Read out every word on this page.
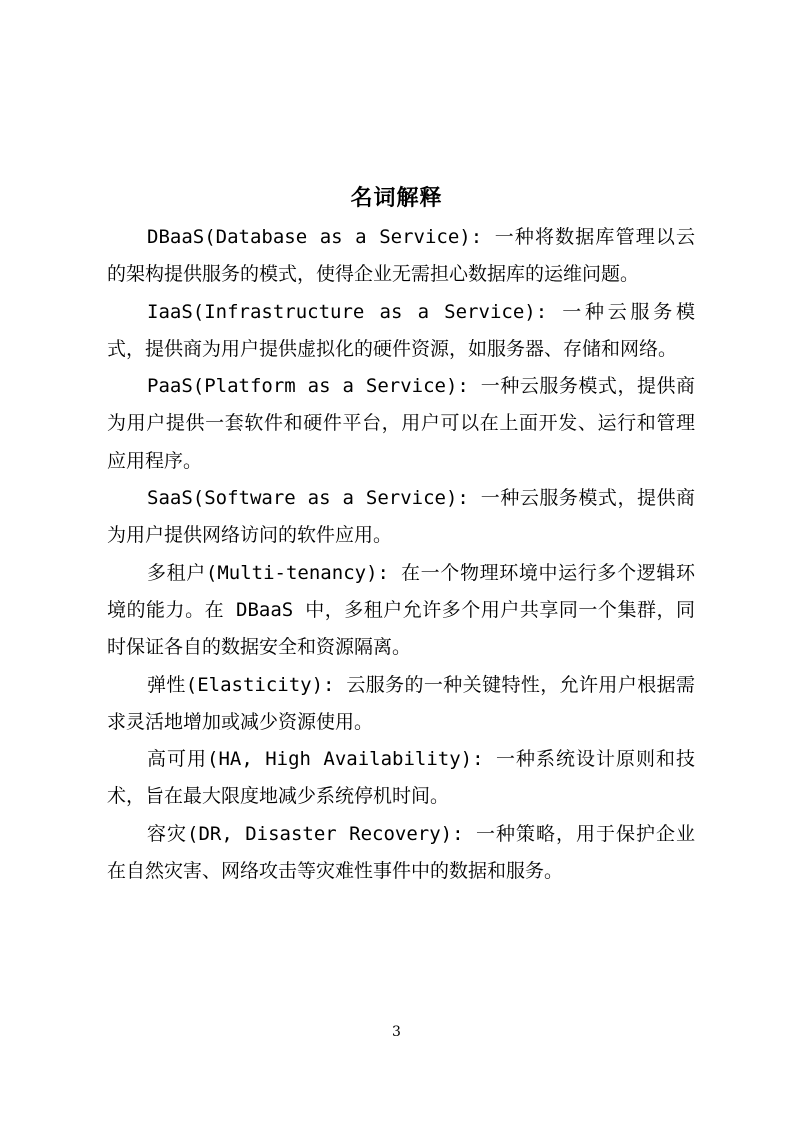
名词解释

DBaaS(Database as a Service): 一种将数据库管理以云的架构提供服务的模式，使得企业无需担心数据库的运维问题。

IaaS(Infrastructure as a Service): 一种云服务模式，提供商为用户提供虚拟化的硬件资源，如服务器、存储和网络。

PaaS(Platform as a Service): 一种云服务模式，提供商为用户提供一套软件和硬件平台，用户可以在上面开发、运行和管理应用程序。

SaaS(Software as a Service): 一种云服务模式，提供商为用户提供网络访问的软件应用。

多租户(Multi-tenancy): 在一个物理环境中运行多个逻辑环境的能力。在 DBaaS 中，多租户允许多个用户共享同一个集群，同时保证各自的数据安全和资源隔离。

弹性(Elasticity): 云服务的一种关键特性，允许用户根据需求灵活地增加或减少资源使用。

高可用(HA, High Availability): 一种系统设计原则和技术，旨在最大限度地减少系统停机时间。

容灾(DR, Disaster Recovery): 一种策略，用于保护企业在自然灾害、网络攻击等灾难性事件中的数据和服务。

3
